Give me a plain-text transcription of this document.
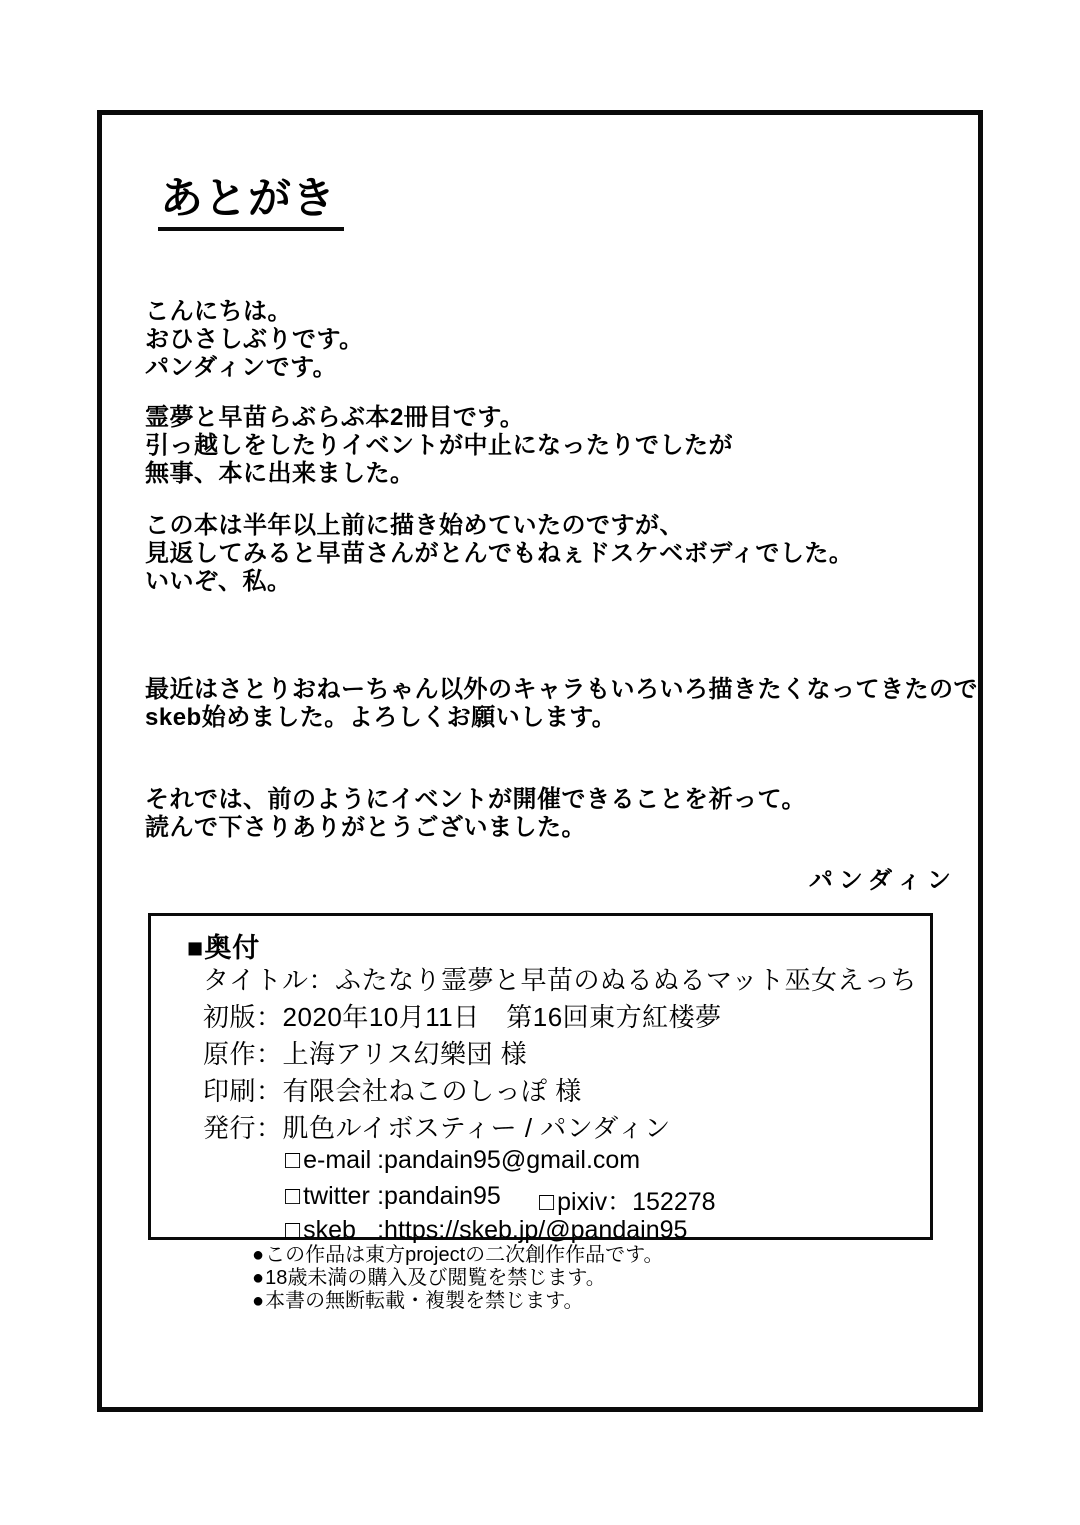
あとがき
こんにちは。
おひさしぶりです。
パンダィンです。
霊夢と早苗らぶらぶ本2冊目です。
引っ越しをしたりイベントが中止になったりでしたが
無事、本に出来ました。
この本は半年以上前に描き始めていたのですが、
見返してみると早苗さんがとんでもねぇドスケベボディでした。
いいぞ、私。
最近はさとりおねーちゃん以外のキャラもいろいろ描きたくなってきたので
skeb始めました。よろしくお願いします。
それでは、前のようにイベントが開催できることを祈って。
読んで下さりありがとうございました。
パンダィン
■奥付
タイトル：ふたなり霊夢と早苗のぬるぬるマット巫女えっち
初版：2020年10月11日　第16回東方紅楼夢
原作：上海アリス幻樂団 様
印刷：有限会社ねこのしっぽ 様
発行：肌色ルイボスティー / パンダィン
□ e-mail :pandain95@gmail.com
□ twitter :pandain95 □ pixiv：152278
□ skeb :https://skeb.jp/@pandain95
●この作品は東方projectの二次創作作品です。
●18歳未満の購入及び閲覧を禁じます。
●本書の無断転載・複製を禁じます。
